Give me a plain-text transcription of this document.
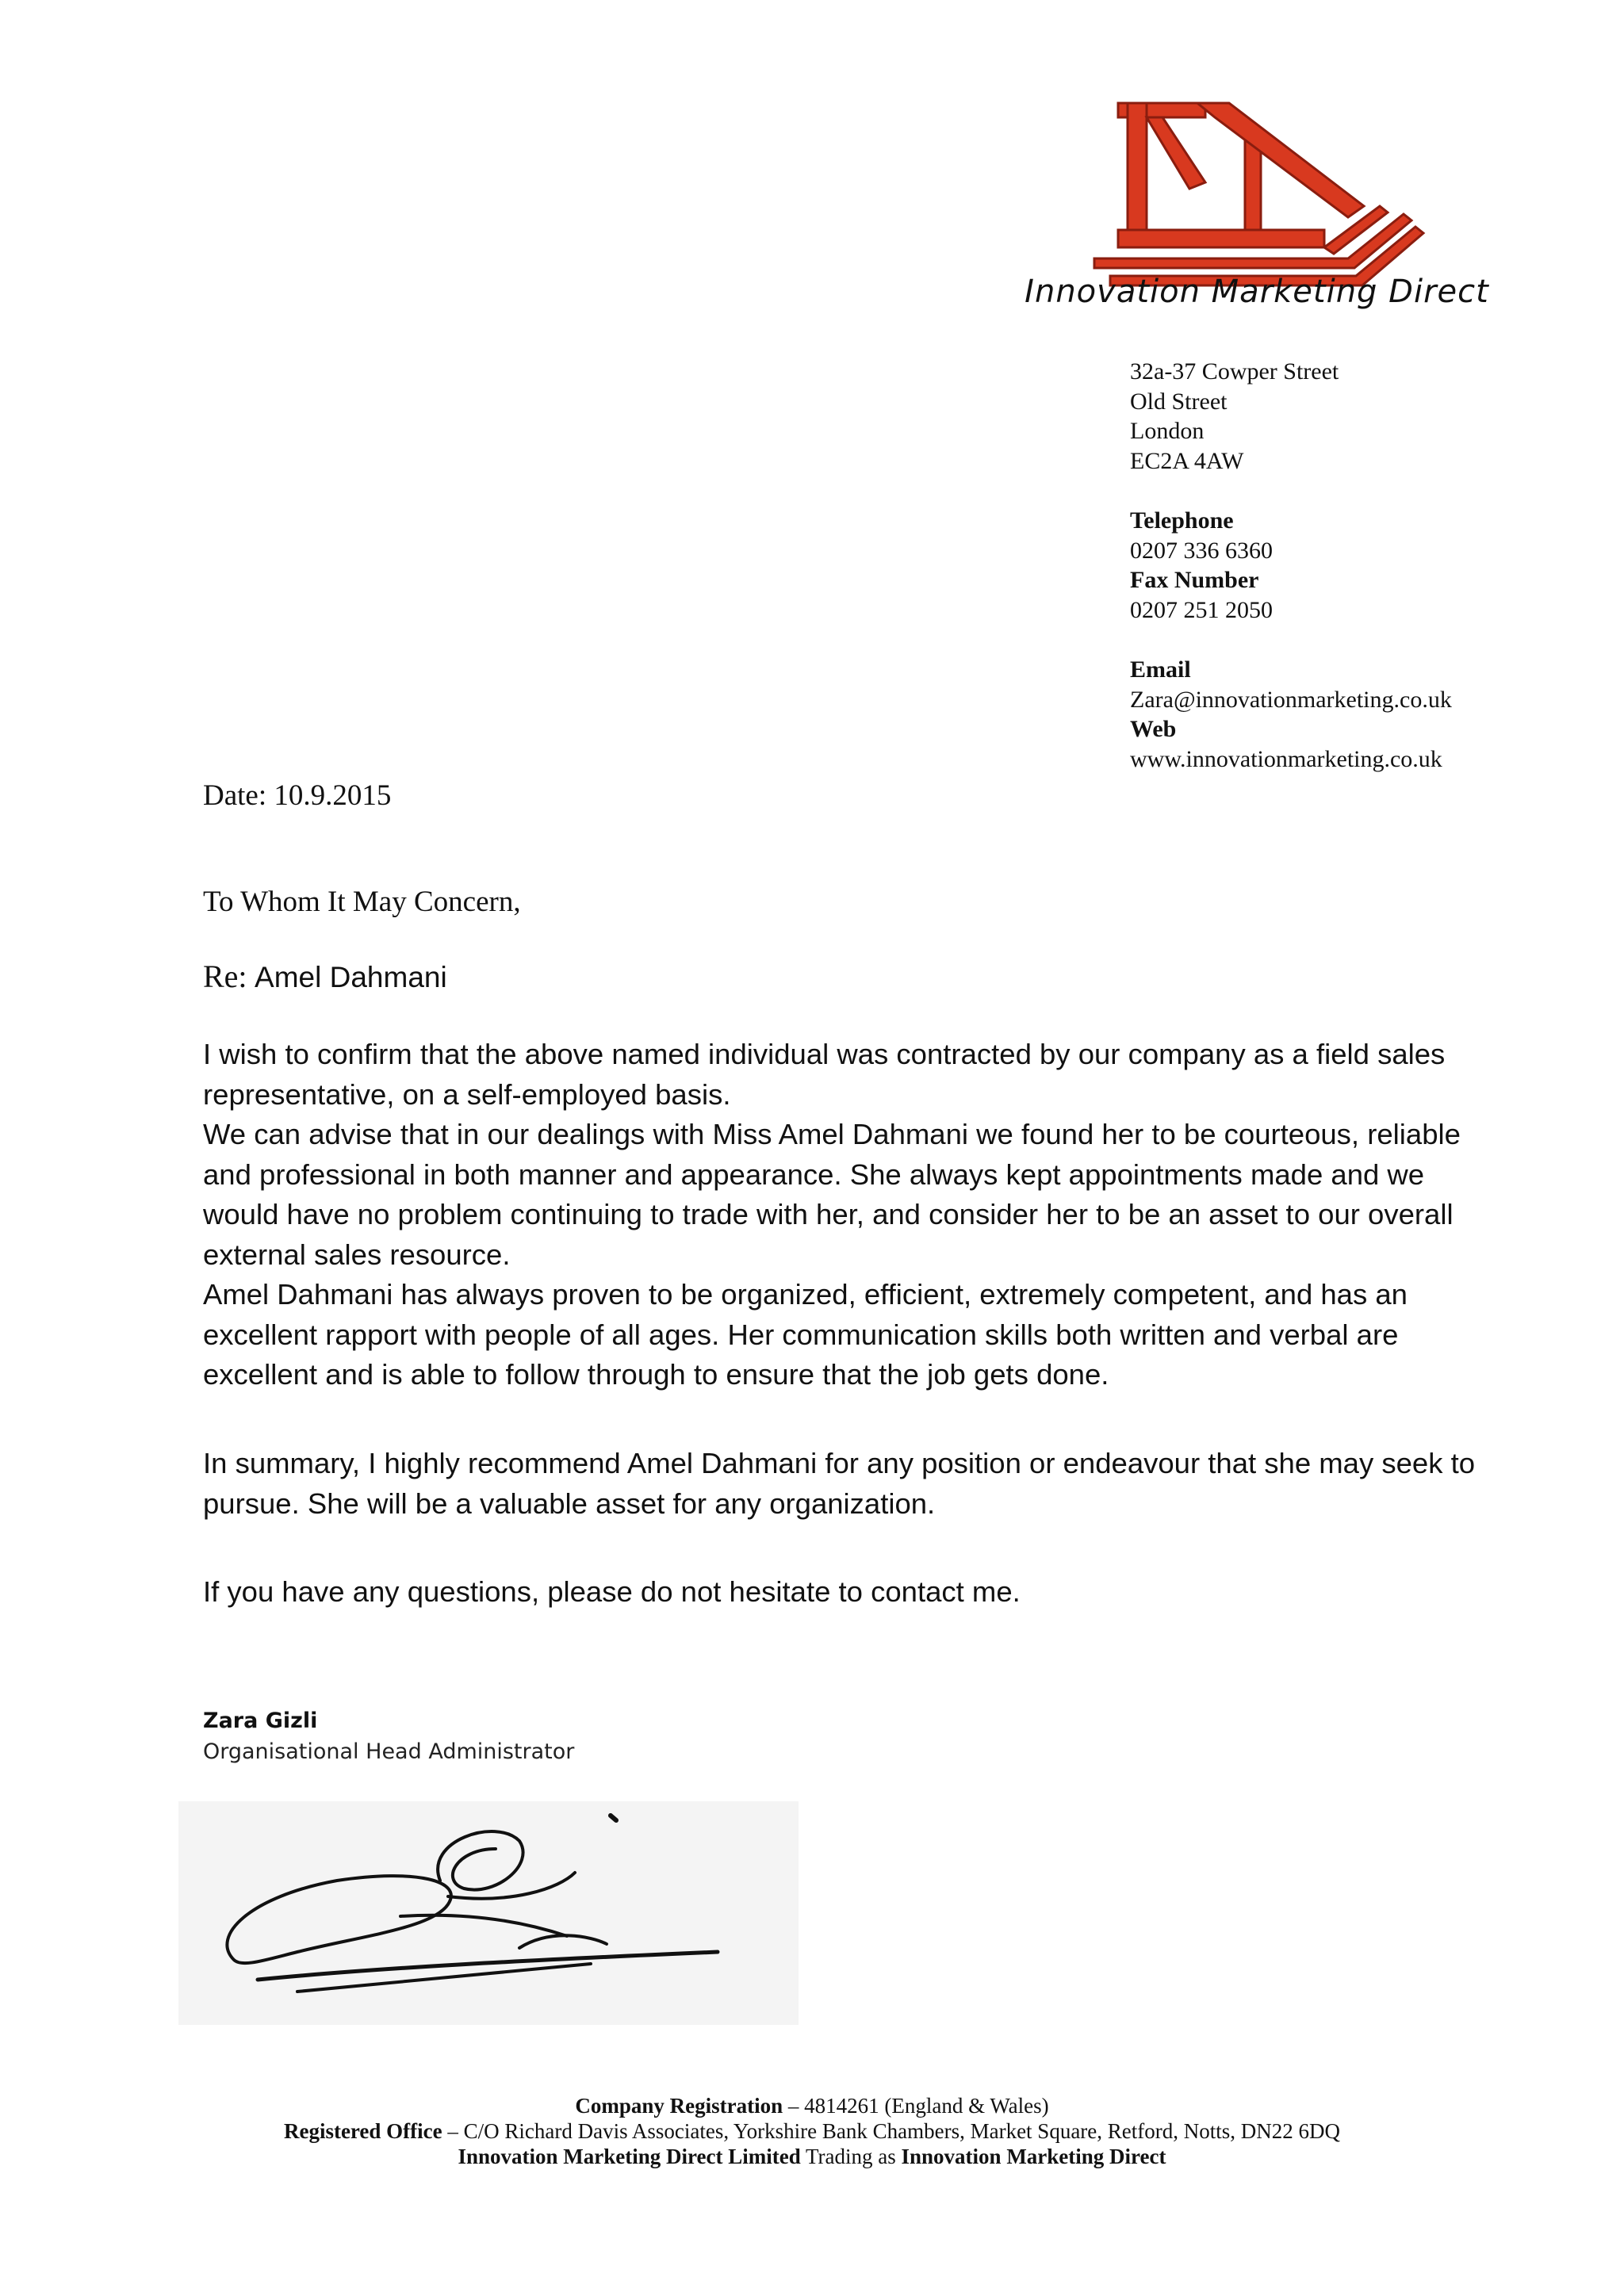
Innovation Marketing Direct
32a-37 Cowper Street
Old Street
London
EC2A 4AW
Telephone
0207 336 6360
Fax Number
0207 251 2050
Email
Zara@innovationmarketing.co.uk
Web
www.innovationmarketing.co.uk
Date: 10.9.2015
To Whom It May Concern,
Re: Amel Dahmani

I wish to confirm that the above named individual was contracted by our company as a field sales representative, on a self-employed basis.

We can advise that in our dealings with Miss Amel Dahmani we found her to be courteous, reliable and professional in both manner and appearance. She always kept appointments made and we would have no problem continuing to trade with her, and consider her to be an asset to our overall external sales resource.

Amel Dahmani has always proven to be organized, efficient, extremely competent, and has an excellent rapport with people of all ages. Her communication skills both written and verbal are excellent and is able to follow through to ensure that the job gets done.

In summary, I highly recommend Amel Dahmani for any position or endeavour that she may seek to pursue. She will be a valuable asset for any organization.

If you have any questions, please do not hesitate to contact me.

Zara Gizli
Organisational Head Administrator
Company Registration – 4814261 (England & Wales)
Registered Office – C/O Richard Davis Associates, Yorkshire Bank Chambers, Market Square, Retford, Notts, DN22 6DQ
Innovation Marketing Direct Limited Trading as Innovation Marketing Direct
